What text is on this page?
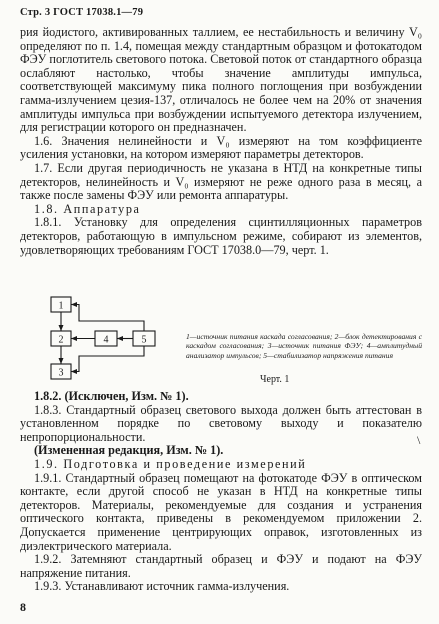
Стр. 3 ГОСТ 17038.1—79

рия йодистого, активированных таллием, ее нестабильность и величину V₀ определяют по п. 1.4, помещая между стандартным образцом и фотокатодом ФЭУ поглотитель светового потока. Световой поток от стандартного образца ослабляют настолько, чтобы значение амплитуды импульса, соответствующей максимуму пика полного поглощения при возбуждении гамма-излучением цезия-137, отличалось не более чем на 20% от значения амплитуды импульса при возбуждении испытуемого детектора излучением, для регистрации которого он предназначен.

1.6. Значения нелинейности и V₀ измеряют на том коэффициенте усиления установки, на котором измеряют параметры детекторов.

1.7. Если другая периодичность не указана в НТД на конкретные типы детекторов, нелинейность и V₀ измеряют не реже одного раза в месяц, а также после замены ФЭУ или ремонта аппаратуры.

1.8. Аппаратура

1.8.1. Установку для определения сцинтилляционных параметров детекторов, работающую в импульсном режиме, собирают из элементов, удовлетворяющих требованиям ГОСТ 17038.0—79, черт. 1.

1
2
3
4	5	1—источник питания каскада согласования; 2—блок детектирования с каскадом согласования; 3—источник питания ФЭУ; 4—амплитудный анализатор импульсов; 5—стабилизатор напряжения питания
Черт. 1
\

1.8.2. (Исключен, Изм. № 1).

1.8.3. Стандартный образец светового выхода должен быть аттестован в установленном порядке по световому выходу и показателю непропорциональности.

(Измененная редакция, Изм. № 1).

1.9. Подготовка и проведение измерений

1.9.1. Стандартный образец помещают на фотокатоде ФЭУ в оптическом контакте, если другой способ не указан в НТД на конкретные типы детекторов. Материалы, рекомендуемые для создания и устранения оптического контакта, приведены в рекомендуемом приложении 2. Допускается применение центрирующих оправок, изготовленных из диэлектрического материала.

1.9.2. Затемняют стандартный образец и ФЭУ и подают на ФЭУ напряжение питания.

1.9.3. Устанавливают источник гамма-излучения.

8
